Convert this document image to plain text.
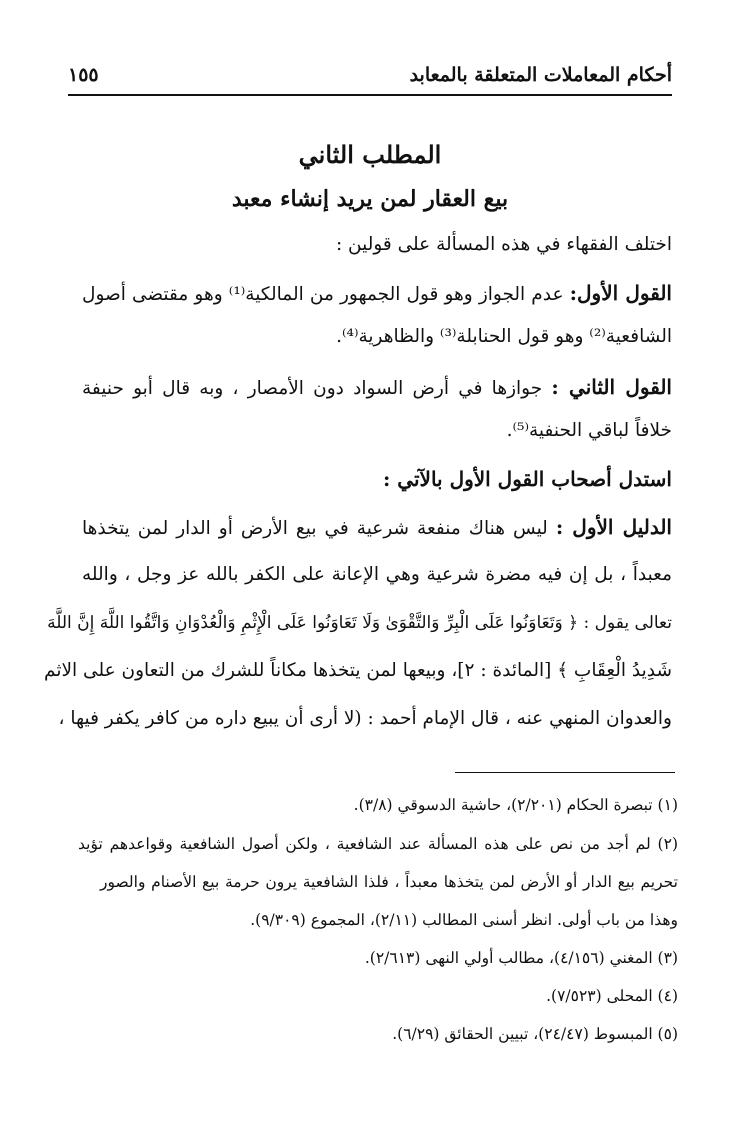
أحكام المعاملات المتعلقة بالمعابد
١٥٥
المطلب الثاني
بيع العقار لمن يريد إنشاء معبد
اختلف الفقهاء في هذه المسألة على قولين :
القول الأول: عدم الجواز وهو قول الجمهور من المالكية⁽¹⁾ وهو مقتضى أصول
الشافعية⁽²⁾ وهو قول الحنابلة⁽³⁾ والظاهرية⁽⁴⁾.
القول الثاني : جوازها في أرض السواد دون الأمصار ، وبه قال أبو حنيفة
خلافاً لباقي الحنفية⁽⁵⁾.
استدل أصحاب القول الأول بالآتي :
الدليل الأول : ليس هناك منفعة شرعية في بيع الأرض أو الدار لمن يتخذها
معبداً ، بل إن فيه مضرة شرعية وهي الإعانة على الكفر بالله عز وجل ، والله
تعالى يقول : ﴿ وَتَعَاوَنُوا عَلَى الْبِرِّ وَالتَّقْوَىٰ وَلَا تَعَاوَنُوا عَلَى الْإِثْمِ وَالْعُدْوَانِ وَاتَّقُوا اللَّهَ إِنَّ اللَّهَ
شَدِيدُ الْعِقَابِ ﴾ [المائدة : ٢]، وبيعها لمن يتخذها مكاناً للشرك من التعاون على الاثم
والعدوان المنهي عنه ، قال الإمام أحمد : (لا أرى أن يبيع داره من كافر يكفر فيها ،
(١) تبصرة الحكام (٢/٢٠١)، حاشية الدسوقي (٣/٨).
(٢) لم أجد من نص على هذه المسألة عند الشافعية ، ولكن أصول الشافعية وقواعدهم تؤيد
تحريم بيع الدار أو الأرض لمن يتخذها معبداً ، فلذا الشافعية يرون حرمة بيع الأصنام والصور
وهذا من باب أولى. انظر أسنى المطالب (٢/١١)، المجموع (٩/٣٠٩).
(٣) المغني (٤/١٥٦)، مطالب أولي النهى (٢/٦١٣).
(٤) المحلى (٧/٥٢٣).
(٥) المبسوط (٢٤/٤٧)، تبيين الحقائق (٦/٢٩).
